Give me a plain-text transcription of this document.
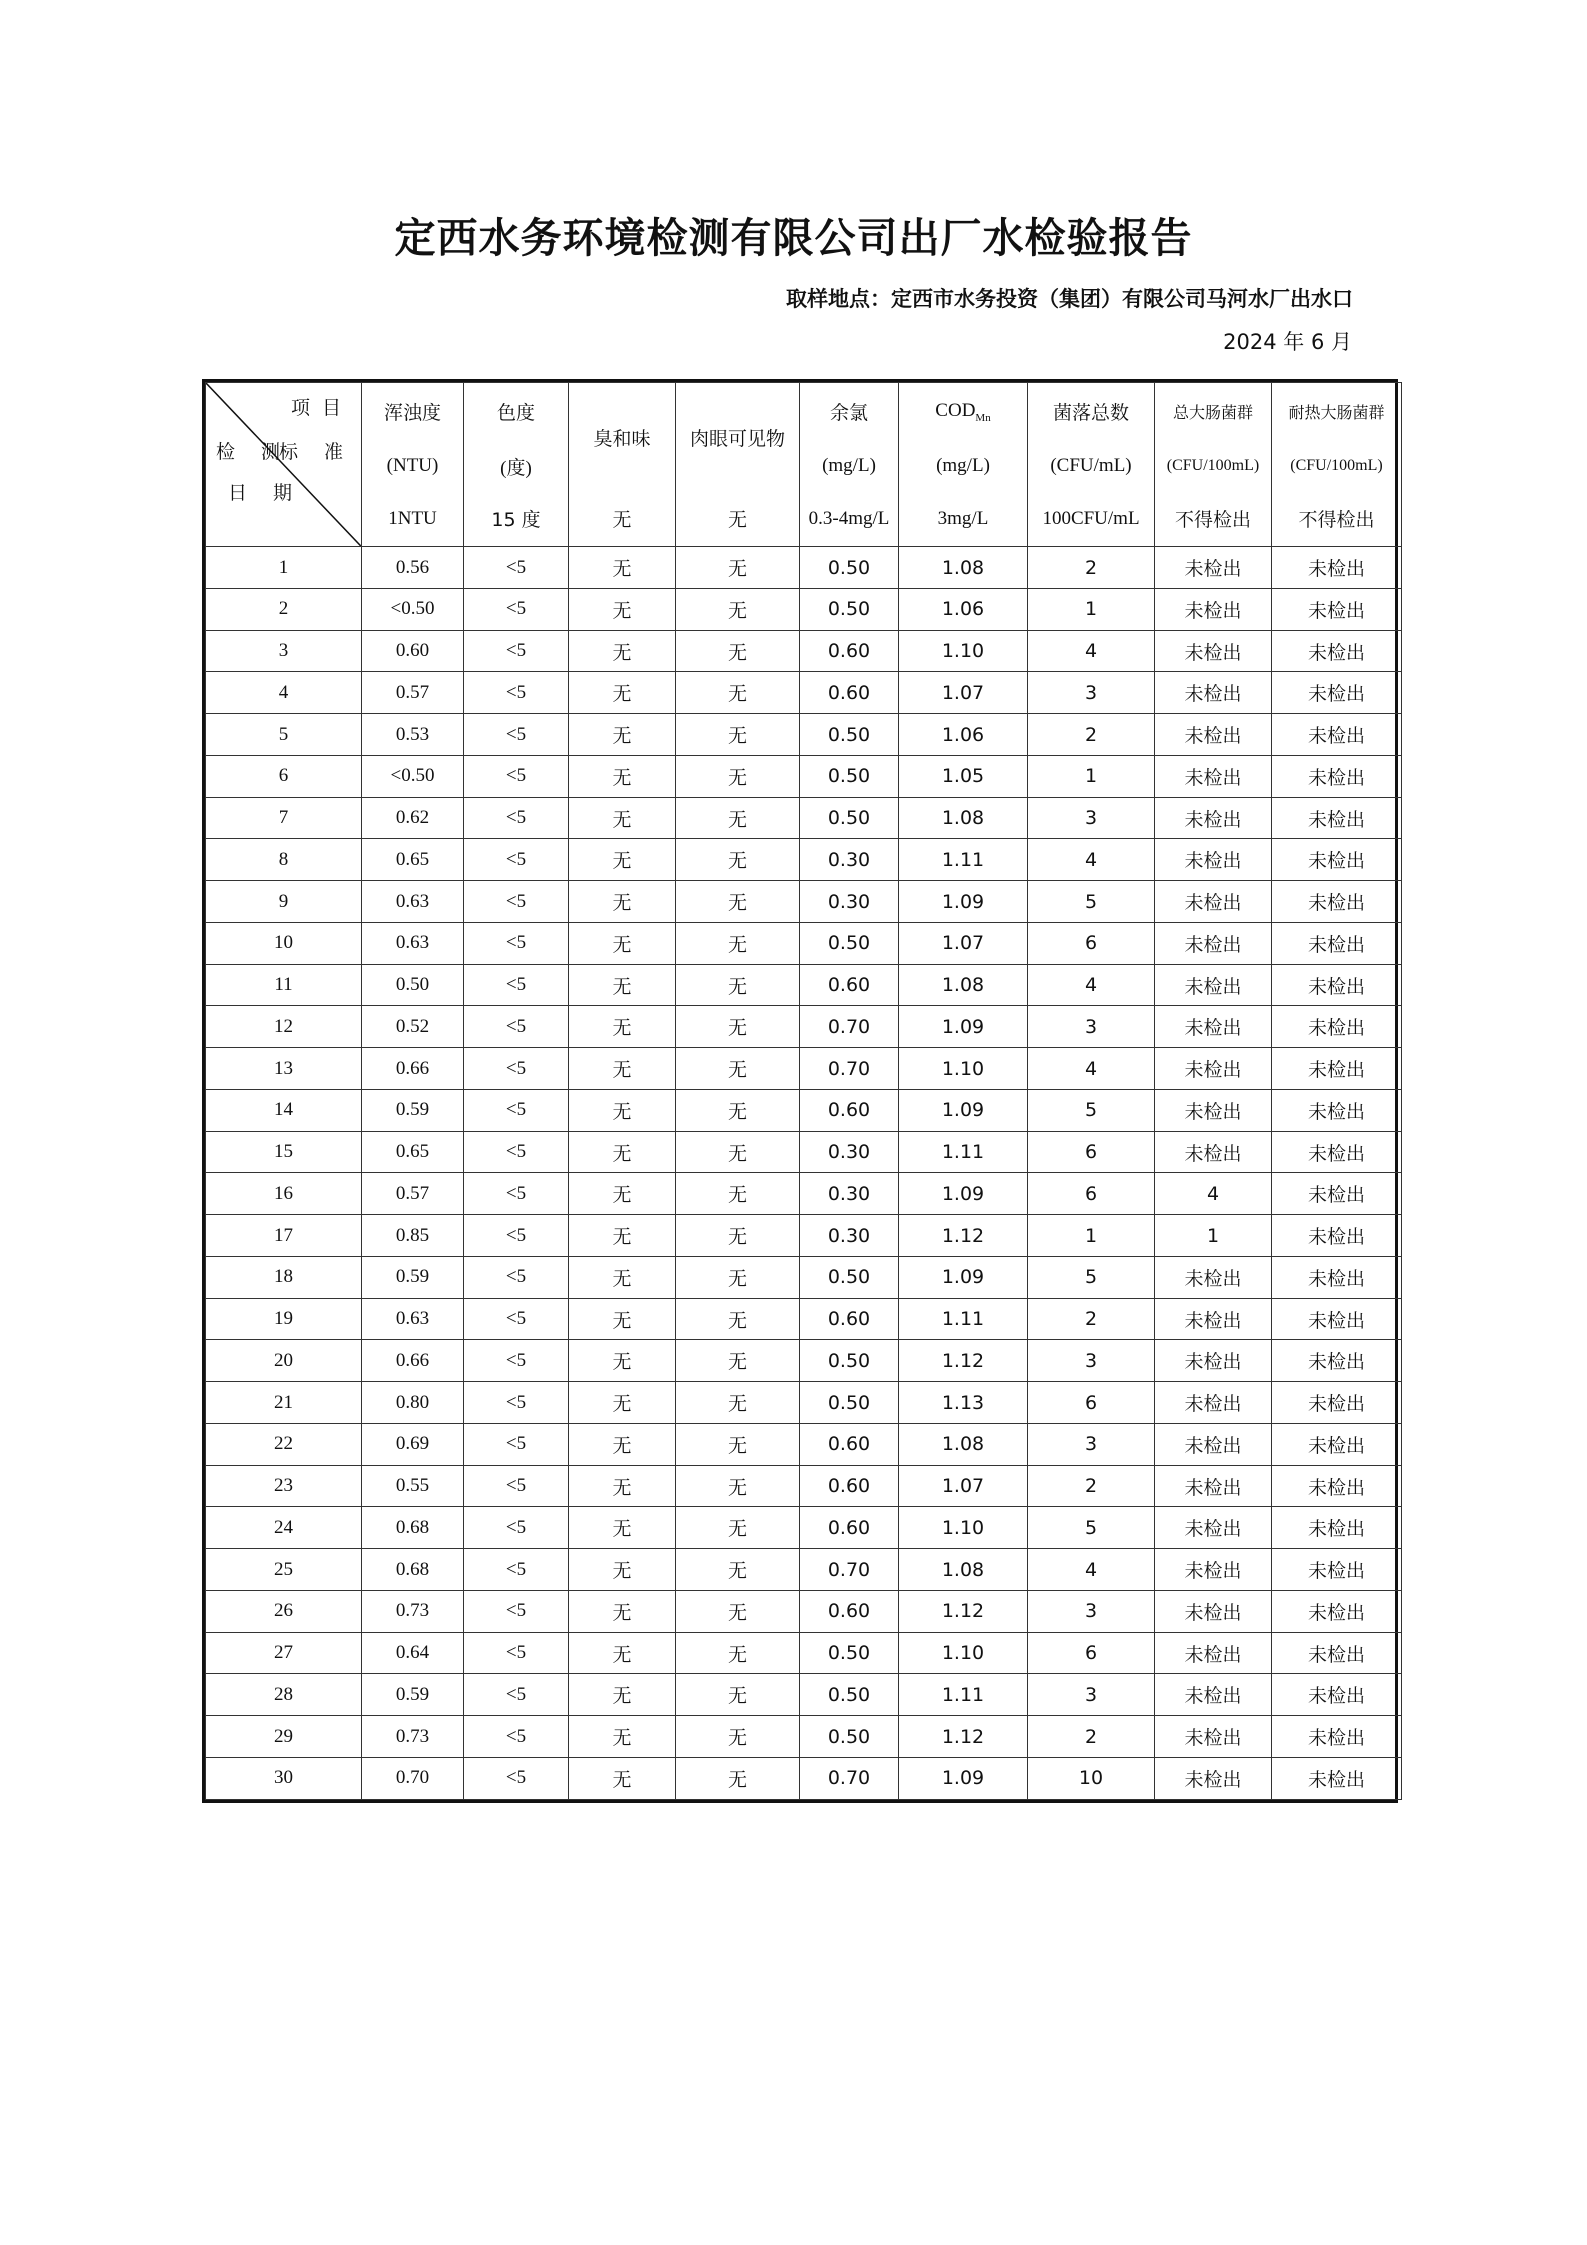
定西水务环境检测有限公司出厂水检验报告
取样地点：定西市水务投资（集团）有限公司马河水厂出水口
2024 年 6 月
项目
检 测
标 准
日 期	浑浊度	色度	臭和味	肉眼可见物	余氯	$COD_{Mn}$	菌落总数	总大肠菌群	耐热大肠菌群
	(NTU)	(度)			(mg/L)	(mg/L)	(CFU/mL)	(CFU/100mL)	(CFU/100mL)
	1NTU	15 度	无	无	0.3-4mg/L	3mg/L	100CFU/mL	不得检出	不得检出
1	0.56	<5	无	无	0.50	1.08	2	未检出	未检出
2	<0.50	<5	无	无	0.50	1.06	1	未检出	未检出
3	0.60	<5	无	无	0.60	1.10	4	未检出	未检出
4	0.57	<5	无	无	0.60	1.07	3	未检出	未检出
5	0.53	<5	无	无	0.50	1.06	2	未检出	未检出
6	<0.50	<5	无	无	0.50	1.05	1	未检出	未检出
7	0.62	<5	无	无	0.50	1.08	3	未检出	未检出
8	0.65	<5	无	无	0.30	1.11	4	未检出	未检出
9	0.63	<5	无	无	0.30	1.09	5	未检出	未检出
10	0.63	<5	无	无	0.50	1.07	6	未检出	未检出
11	0.50	<5	无	无	0.60	1.08	4	未检出	未检出
12	0.52	<5	无	无	0.70	1.09	3	未检出	未检出
13	0.66	<5	无	无	0.70	1.10	4	未检出	未检出
14	0.59	<5	无	无	0.60	1.09	5	未检出	未检出
15	0.65	<5	无	无	0.30	1.11	6	未检出	未检出
16	0.57	<5	无	无	0.30	1.09	6	4	未检出
17	0.85	<5	无	无	0.30	1.12	1	1	未检出
18	0.59	<5	无	无	0.50	1.09	5	未检出	未检出
19	0.63	<5	无	无	0.60	1.11	2	未检出	未检出
20	0.66	<5	无	无	0.50	1.12	3	未检出	未检出
21	0.80	<5	无	无	0.50	1.13	6	未检出	未检出
22	0.69	<5	无	无	0.60	1.08	3	未检出	未检出
23	0.55	<5	无	无	0.60	1.07	2	未检出	未检出
24	0.68	<5	无	无	0.60	1.10	5	未检出	未检出
25	0.68	<5	无	无	0.70	1.08	4	未检出	未检出
26	0.73	<5	无	无	0.60	1.12	3	未检出	未检出
27	0.64	<5	无	无	0.50	1.10	6	未检出	未检出
28	0.59	<5	无	无	0.50	1.11	3	未检出	未检出
29	0.73	<5	无	无	0.50	1.12	2	未检出	未检出
30	0.70	<5	无	无	0.70	1.09	10	未检出	未检出
